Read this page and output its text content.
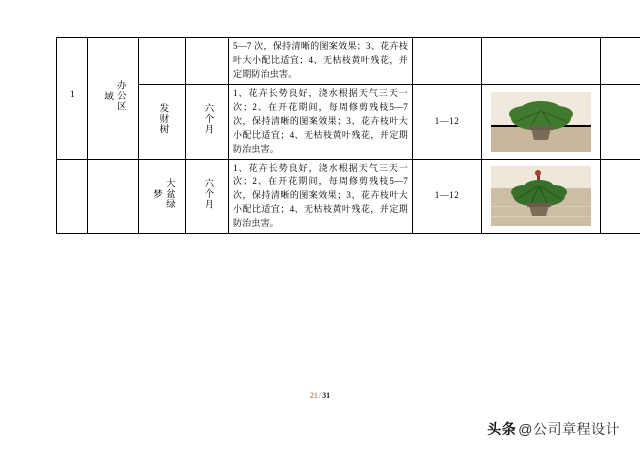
1	办公区域			5—7 次，保持清晰的图案效果；3、花卉枝叶大小配比适宜；4、无枯枝黄叶残花，并定期防治虫害。			

		发财树	六个月	1、花卉长势良好，浇水根据天气三天一次；2、在开花期间，每周修剪残枝5—7 次，保持清晰的图案效果；3、花卉枝叶大小配比适宜；4、无枯枝黄叶残花，并定期防治虫害。	1—12	

		大盆绿梦	六个月	1、花卉长势良好，浇水根据天气三天一次；2、在开花期间，每周修剪残枝5—7 次，保持清晰的图案效果；3、花卉枝叶大小配比适宜；4、无枯枝黄叶残花，并定期防治虫害。	1—12	

21/31
头条 @公司章程设计
